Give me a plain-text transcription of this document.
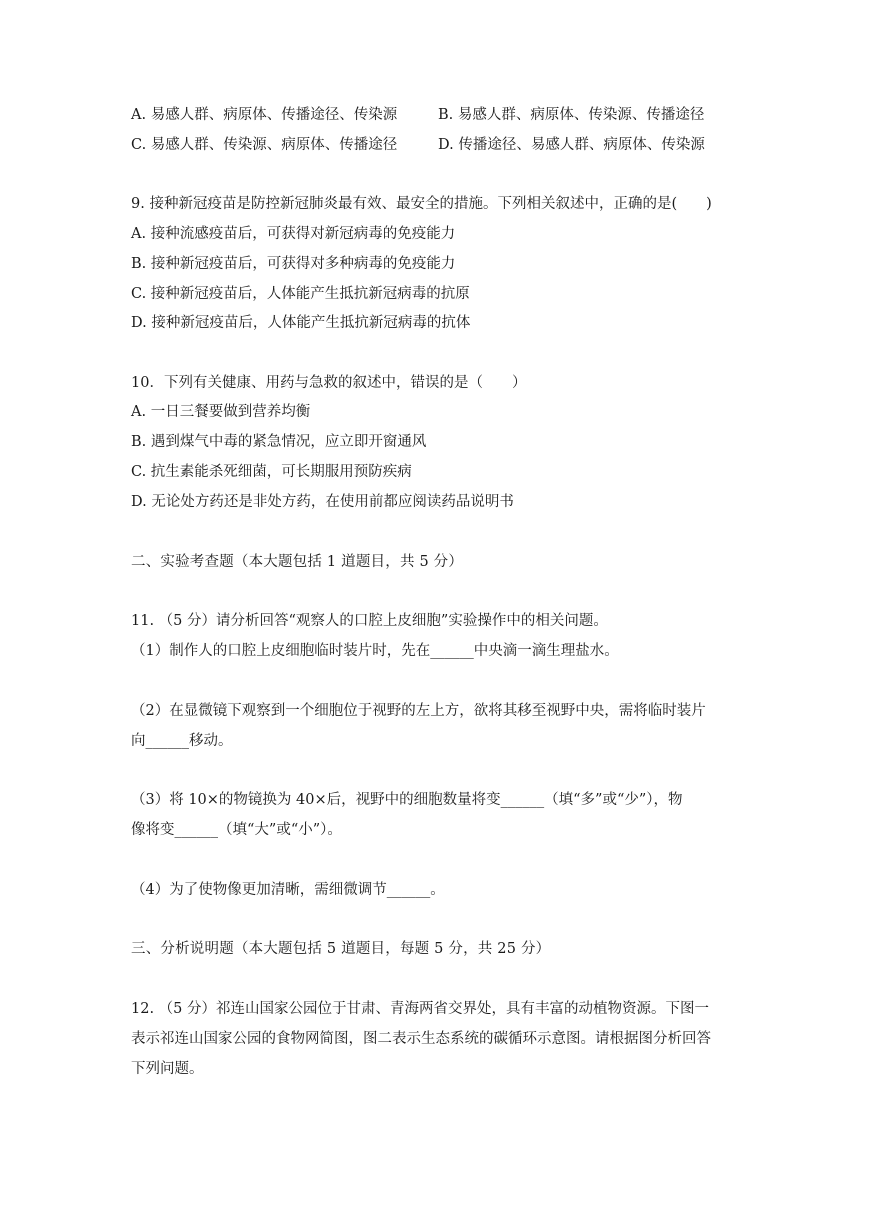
A. 易感人群、病原体、传播途径、传染源	B. 易感人群、病原体、传染源、传播途径
C. 易感人群、传染源、病原体、传播途径	D. 传播途径、易感人群、病原体、传染源
9. 接种新冠疫苗是防控新冠肺炎最有效、最安全的措施。下列相关叙述中，正确的是(　　)
A. 接种流感疫苗后，可获得对新冠病毒的免疫能力
B. 接种新冠疫苗后，可获得对多种病毒的免疫能力
C. 接种新冠疫苗后，人体能产生抵抗新冠病毒的抗原
D. 接种新冠疫苗后，人体能产生抵抗新冠病毒的抗体
10．下列有关健康、用药与急救的叙述中，错误的是（　　）
A. 一日三餐要做到营养均衡
B. 遇到煤气中毒的紧急情况，应立即开窗通风
C. 抗生素能杀死细菌，可长期服用预防疾病
D. 无论处方药还是非处方药，在使用前都应阅读药品说明书
二、实验考查题（本大题包括 1 道题目，共 5 分）
11. （5 分）请分析回答“观察人的口腔上皮细胞”实验操作中的相关问题。
（1）制作人的口腔上皮细胞临时装片时，先在______中央滴一滴生理盐水。
（2）在显微镜下观察到一个细胞位于视野的左上方，欲将其移至视野中央，需将临时装片
向______移动。
（3）将 10×的物镜换为 40×后，视野中的细胞数量将变______（填“多”或“少”），物
像将变______（填“大”或“小”）。
（4）为了使物像更加清晰，需细微调节______。
三、分析说明题（本大题包括 5 道题目，每题 5 分，共 25 分）
12. （5 分）祁连山国家公园位于甘肃、青海两省交界处，具有丰富的动植物资源。下图一
表示祁连山国家公园的食物网简图，图二表示生态系统的碳循环示意图。请根据图分析回答
下列问题。
